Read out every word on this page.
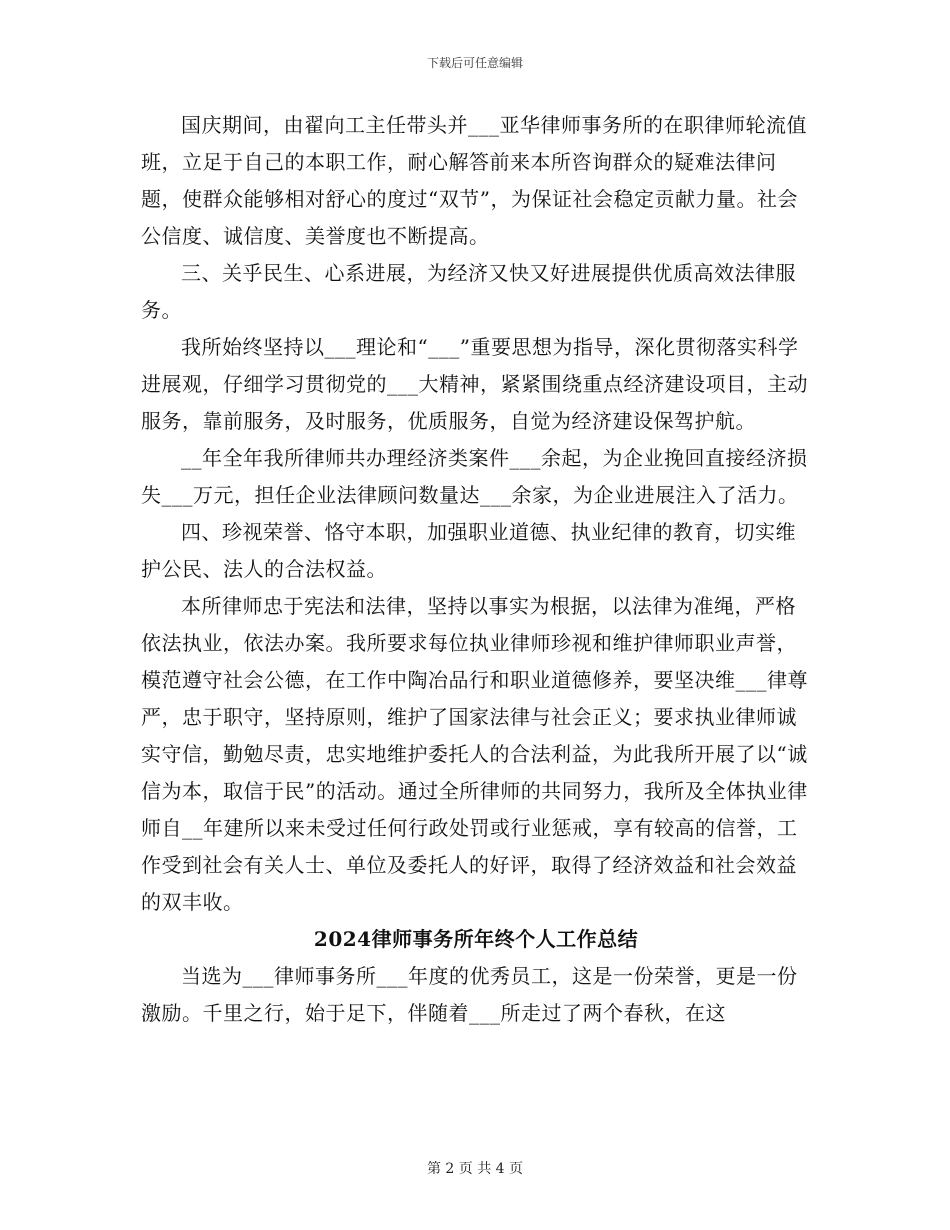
下载后可任意编辑

国庆期间，由翟向工主任带头并___亚华律师事务所的在职律师轮流值班，立足于自己的本职工作，耐心解答前来本所咨询群众的疑难法律问题，使群众能够相对舒心的度过“双节”，为保证社会稳定贡献力量。社会公信度、诚信度、美誉度也不断提高。

三、关乎民生、心系进展，为经济又快又好进展提供优质高效法律服务。

我所始终坚持以___理论和“___”重要思想为指导，深化贯彻落实科学进展观，仔细学习贯彻党的___大精神，紧紧围绕重点经济建设项目，主动服务，靠前服务，及时服务，优质服务，自觉为经济建设保驾护航。

__年全年我所律师共办理经济类案件___余起，为企业挽回直接经济损失___万元，担任企业法律顾问数量达___余家，为企业进展注入了活力。

四、珍视荣誉、恪守本职，加强职业道德、执业纪律的教育，切实维护公民、法人的合法权益。

本所律师忠于宪法和法律，坚持以事实为根据，以法律为准绳，严格依法执业，依法办案。我所要求每位执业律师珍视和维护律师职业声誉，模范遵守社会公德，在工作中陶冶品行和职业道德修养，要坚决维___律尊严，忠于职守，坚持原则，维护了国家法律与社会正义；要求执业律师诚实守信，勤勉尽责，忠实地维护委托人的合法利益，为此我所开展了以“诚信为本，取信于民”的活动。通过全所律师的共同努力，我所及全体执业律师自__年建所以来未受过任何行政处罚或行业惩戒，享有较高的信誉，工作受到社会有关人士、单位及委托人的好评，取得了经济效益和社会效益的双丰收。

2024律师事务所年终个人工作总结

当选为___律师事务所___年度的优秀员工，这是一份荣誉，更是一份激励。千里之行，始于足下，伴随着___所走过了两个春秋，在这

第 2 页 共 4 页
